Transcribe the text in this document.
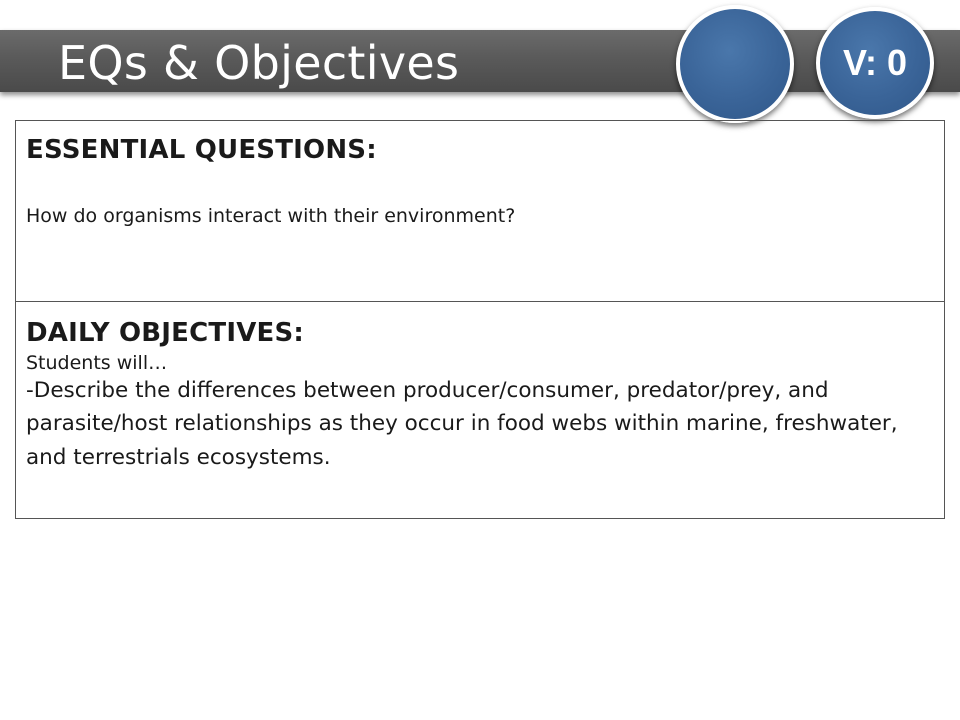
EQs & Objectives	V: 0
ESSENTIAL QUESTIONS:
How do organisms interact with their environment?

DAILY OBJECTIVES:
Students will…
-Describe the differences between producer/consumer, predator/prey, and parasite/host relationships as they occur in food webs within marine, freshwater, and terrestrials ecosystems.
